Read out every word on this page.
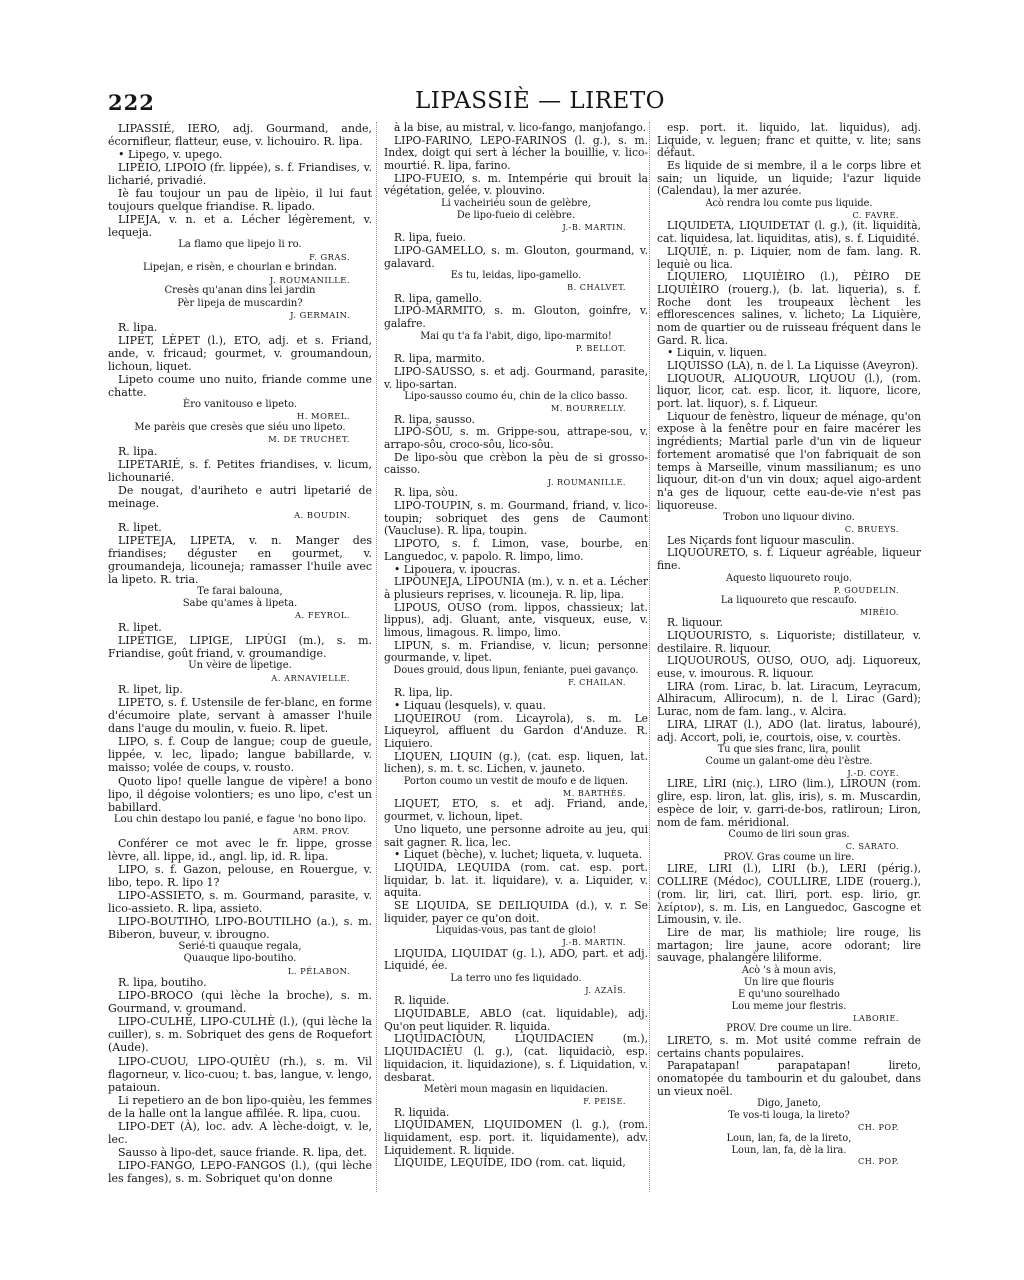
222	LIPASSIÈ — LIRETO

LIPASSIÉ, IERO, adj. Gourmand, ande, écornifleur, flatteur, euse, v. lichouiro. R. lipa.

• Lipego, v. upego.

LIPÉIO, LIPOIO (fr. lippée), s. f. Friandises, v. licharié, privadié.

Iè fau toujour un pau de lipèio, il lui faut toujours quelque friandise. R. lipado.

LIPEJA, v. n. et a. Lécher légèrement, v. lequeja.

La flamo que lipejo li ro.

F. GRAS.

Lipejan, e risèn, e chourlan e brindan.

J. ROUMANILLE.

Cresès qu'anan dins lei jardin

Pèr lipeja de muscardin?

J. GERMAIN.

R. lipa.

LIPET, LÈPET (l.), ETO, adj. et s. Friand, ande, v. fricaud; gourmet, v. groumandoun, lichoun, liquet.

Lipeto coume uno nuito, friande comme une chatte.

Èro vanitouso e lipeto.

H. MOREL.

Me parèis que cresès que siéu uno lipeto.

M. DE TRUCHET.

R. lipa.

LIPETARIÉ, s. f. Petites friandises, v. licum, lichounarié.

De nougat, d'auriheto e autri lipetarié de meinage.

A. BOUDIN.

R. lipet.

LIPETEJA, LIPETA, v. n. Manger des friandises; déguster en gourmet, v. groumandeja, licouneja; ramasser l'huile avec la lipeto. R. tria.

Te farai balouna,

Sabe qu'ames à lipeta.

A. FEYROL.

R. lipet.

LIPETIGE, LIPIGE, LIPÙGI (m.), s. m. Friandise, goût friand, v. groumandige.

Un vèire de lipetige.

A. ARNAVIELLE.

R. lipet, lip.

LIPETO, s. f. Ustensile de fer-blanc, en forme d'écumoire plate, servant à amasser l'huile dans l'auge du moulin, v. fueio. R. lipet.

LIPO, s. f. Coup de langue; coup de gueule, lippée, v. lec, lipado; langue babillarde, v. maisso; volée de coups, v. rousto.

Quoto lipo! quelle langue de vipère! a bono lipo, il dégoise volontiers; es uno lipo, c'est un babillard.

Lou chin destapo lou panié, e fague 'no bono lipo.

ARM. PROV.

Conférer ce mot avec le fr. lippe, grosse lèvre, all. lippe, id., angl. lip, id. R. lipa.

LIPO, s. f. Gazon, pelouse, en Rouergue, v. libo, tepo. R. lipo 1?

LIPO-ASSIETO, s. m. Gourmand, parasite, v. lico-assieto. R. lipa, assieto.

LIPO-BOUTIHO, LIPO-BOUTILHO (a.), s. m. Biberon, buveur, v. ibrougno.

Serié-ti quauque regala,

Quauque lipo-boutiho.

L. PÉLABON.

R. lipa, boutiho.

LIPO-BROCO (qui lèche la broche), s. m. Gourmand, v. groumand.

LIPO-CULHÉ, LIPO-CULHÈ (l.), (qui lèche la cuiller), s. m. Sobriquet des gens de Roquefort (Aude).

LIPO-CUOU, LIPO-QUIÈU (rh.), s. m. Vil flagorneur, v. lico-cuou; t. bas, langue, v. lengo, pataioun.

Li repetiero an de bon lipo-quièu, les femmes de la halle ont la langue affilée. R. lipa, cuou.

LIPO-DET (À), loc. adv. A lèche-doigt, v. le, lec.

Sausso à lipo-det, sauce friande. R. lipa, det.

LIPO-FANGO, LEPO-FANGOS (l.), (qui lèche les fanges), s. m. Sobriquet qu'on donne

à la bise, au mistral, v. lico-fango, manjofango.

LIPO-FARINO, LEPO-FARINOS (l. g.), s. m. Index, doigt qui sert à lécher la bouillie, v. lico-mourtié. R. lipa, farino.

LIPO-FUEIO, s. m. Intempérie qui brouit la végétation, gelée, v. plouvino.

Li vacheiriéu soun de gelèbre,

De lipo-fueio di celèbre.

J.-B. MARTIN.

R. lipa, fueio.

LIPO-GAMELLO, s. m. Glouton, gourmand, v. galavard.

Es tu, leidas, lipo-gamello.

B. CHALVET.

R. lipa, gamello.

LIPO-MARMITO, s. m. Glouton, goinfre, v. galafre.

Mai qu t'a fa l'abit, digo, lipo-marmito!

P. BELLOT.

R. lipa, marmito.

LIPO-SAUSSO, s. et adj. Gourmand, parasite, v. lipo-sartan.

Lipo-sausso coumo éu, chin de la clico basso.

M. BOURRELLY.

R. lipa, sausso.

LIPO-SÔU, s. m. Grippe-sou, attrape-sou, v. arrapo-sôu, croco-sôu, lico-sôu.

De lipo-sòu que crèbon la pèu de si grosso-caisso.

J. ROUMANILLE.

R. lipa, sòu.

LIPO-TOUPIN, s. m. Gourmand, friand, v. lico-toupin; sobriquet des gens de Caumont (Vaucluse). R. lipa, toupin.

LIPOTO, s. f. Limon, vase, bourbe, en Languedoc, v. papolo. R. limpo, limo.

• Lipouera, v. ipoucras.

LIPOUNEJA, LIPOUNIA (m.), v. n. et a. Lécher à plusieurs reprises, v. licouneja. R. lip, lipa.

LIPOUS, OUSO (rom. lippos, chassieux; lat. lippus), adj. Gluant, ante, visqueux, euse, v. limous, limagous. R. limpo, limo.

LIPUN, s. m. Friandise, v. licun; personne gourmande, v. lipet.

Doues grouid, dous lipun, feniante, puei gavanço.

F. CHAILAN.

R. lipa, lip.

• Liquau (lesquels), v. quau.

LIQUEIROU (rom. Licayrola), s. m. Le Liqueyrol, affluent du Gardon d'Anduze. R. Liquiero.

LIQUEN, LIQUIN (g.), (cat. esp. liquen, lat. lichen), s. m. t. sc. Lichen, v. jauneto.

Porton coumo un vestit de moufo e de liquen.

M. BARTHÈS.

LIQUET, ETO, s. et adj. Friand, ande, gourmet, v. lichoun, lipet.

Uno liqueto, une personne adroite au jeu, qui sait gagner. R. lica, lec.

• Liquet (bèche), v. luchet; liqueta, v. luqueta.

LIQUIDA, LEQUIDA (rom. cat. esp. port. liquidar, b. lat. it. liquidare), v. a. Liquider, v. aquita.

SE LIQUIDA, SE DEILIQUIDA (d.), v. r. Se liquider, payer ce qu'on doit.

Liquidas-vous, pas tant de gloio!

J.-B. MARTIN.

LIQUIDA, LIQUIDAT (g. l.), ADO, part. et adj. Liquidé, ée.

La terro uno fes liquidado.

J. AZAÏS.

R. liquide.

LIQUIDABLE, ABLO (cat. liquidable), adj. Qu'on peut liquider. R. liquida.

LIQUIDACIOUN, LIQUIDACIEN (m.), LIQUIDACIÈU (l. g.), (cat. liquidaciò, esp. liquidacion, it. liquidazione), s. f. Liquidation, v. desbarat.

Metèri moun magasin en liquidacien.

F. PEISE.

R. liquida.

LIQUIDAMEN, LIQUIDOMEN (l. g.), (rom. liquidament, esp. port. it. liquidamente), adv. Liquidement. R. liquide.

LIQUIDE, LEQUIDE, IDO (rom. cat. liquid,

esp. port. it. liquido, lat. liquidus), adj. Liquide, v. leguen; franc et quitte, v. lite; sans défaut.

Es liquide de si membre, il a le corps libre et sain; un liquide, un liquide; l'azur liquide (Calendau), la mer azurée.

Acò rendra lou comte pus liquide.

C. FAVRE.

LIQUIDETA, LIQUIDETAT (l. g.), (it. liquidità, cat. liquidesa, lat. liquiditas, atis), s. f. Liquidité.

LIQUIÉ, n. p. Liquier, nom de fam. lang. R. lequiè ou lica.

LIQUIERO, LIQUIÈIRO (l.), PÈIRO DE LIQUIÈIRO (rouerg.), (b. lat. liqueria), s. f. Roche dont les troupeaux lèchent les efflorescences salines, v. licheto; La Liquière, nom de quartier ou de ruisseau fréquent dans le Gard. R. lica.

• Liquin, v. liquen.

LIQUISSO (LA), n. de l. La Liquisse (Aveyron).

LIQUOUR, ALIQUOUR, LIQUOU (l.), (rom. liquor, licor, cat. esp. licor, it. liquore, licore, port. lat. liquor), s. f. Liqueur.

Liquour de fenèstro, liqueur de ménage, qu'on expose à la fenêtre pour en faire macérer les ingrédients; Martial parle d'un vin de liqueur fortement aromatisé que l'on fabriquait de son temps à Marseille, vinum massilianum; es uno liquour, dit-on d'un vin doux; aquel aigo-ardent n'a ges de liquour, cette eau-de-vie n'est pas liquoreuse.

Trobon uno liquour divino.

C. BRUEYS.

Les Niçards font liquour masculin.

LIQUOURETO, s. f. Liqueur agréable, liqueur fine.

Aquesto liquoureto roujo.

P. GOUDELIN.

La liquoureto que rescaufo.

MIRÈIO.

R. liquour.

LIQUOURISTO, s. Liquoriste; distillateur, v. destilaire. R. liquour.

LIQUOUROUS, OUSO, OUO, adj. Liquoreux, euse, v. imourous. R. liquour.

LIRA (rom. Lirac, b. lat. Liracum, Leyracum, Alhiracum, Allirocum), n. de l. Lirac (Gard); Lurac, nom de fam. lang., v. Alcira.

LIRA, LIRAT (l.), ADO (lat. liratus, labouré), adj. Accort, poli, ie, courtois, oise, v. courtès.

Tu que sies franc, lira, poulit

Coume un galant-ome dèu l'èstre.

J.-D. COYE.

LIRE, LÌRI (niç.), LIRO (lim.), LIROUN (rom. glire, esp. liron, lat. glis, iris), s. m. Muscardin, espèce de loir, v. garri-de-bos, ratliroun; Liron, nom de fam. méridional.

Coumo de liri soun gras.

C. SARATO.

PROV. Gras coume un lire.

LIRE, LIRI (l.), LIRI (b.), LERI (périg.), COLLIRE (Médoc), COULLIRE, LIDE (rouerg.), (rom. lir, liri, cat. lliri, port. esp. lirio, gr. λείριον), s. m. Lis, en Languedoc, Gascogne et Limousin, v. ile.

Lire de mar, lis mathiole; lire rouge, lis martagon; lire jaune, acore odorant; lire sauvage, phalangère liliforme.

Acò 's à moun avis,

Un lire que flouris

E qu'uno sourelhado

Lou meme jour flestris.

LABORIE.

PROV. Dre coume un lire.

LIRETO, s. m. Mot usité comme refrain de certains chants populaires.

Parapatapan! parapatapan! lireto, onomatopée du tambourin et du galoubet, dans un vieux noël.

Digo, Janeto,

Te vos-ti louga, la lireto?

CH. POP.

Loun, lan, fa, de la lireto,

Loun, lan, fa, dè la lira.

CH. POP.
